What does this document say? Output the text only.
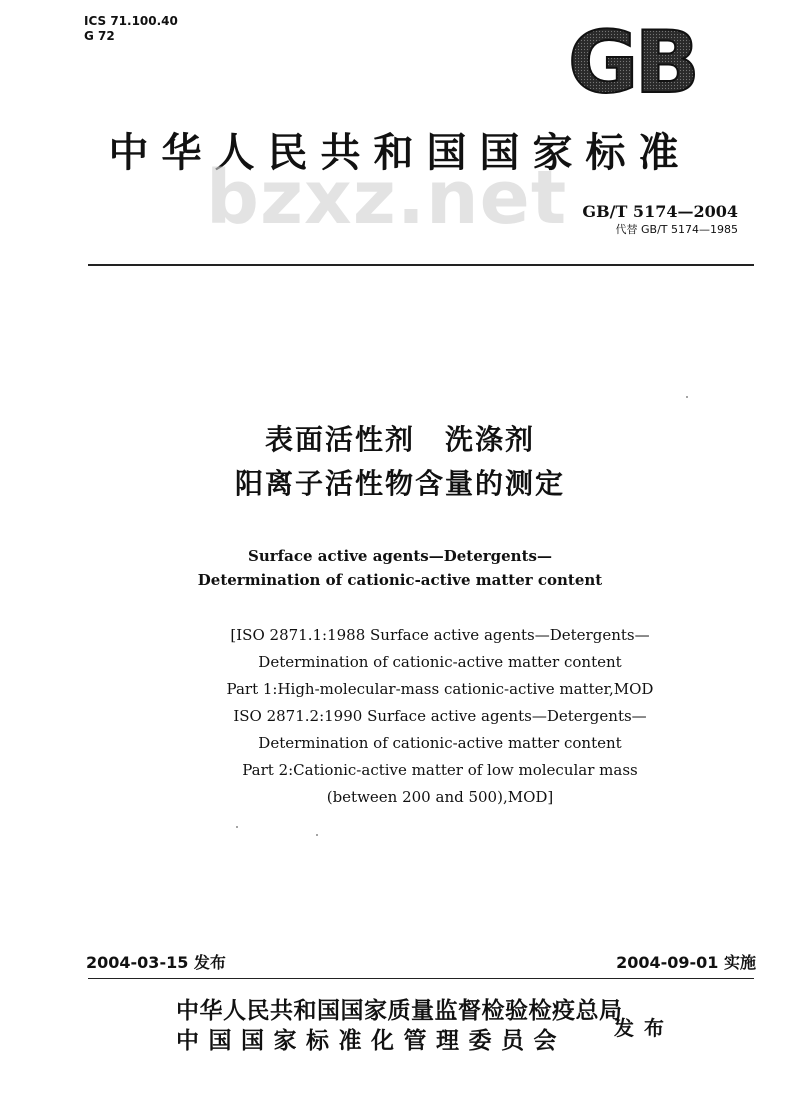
ICS 71.100.40
G 72	GB
中华人民共和国国家标准
bzxz.net GB/T 5174—2004
代替 GB/T 5174—1985
表面活性剂　洗涤剂
阳离子活性物含量的测定
Surface active agents—Detergents—
Determination of cationic-active matter content
[ISO 2871.1:1988 Surface active agents—Detergents—
Determination of cationic-active matter content
Part 1:High-molecular-mass cationic-active matter,MOD
ISO 2871.2:1990 Surface active agents—Detergents—
Determination of cationic-active matter content
Part 2:Cationic-active matter of low molecular mass
(between 200 and 500),MOD]
2004-03-15 发布	2004-09-01 实施
中华人民共和国国家质量监督检验检疫总局
中国国家标准化管理委员会 发布
